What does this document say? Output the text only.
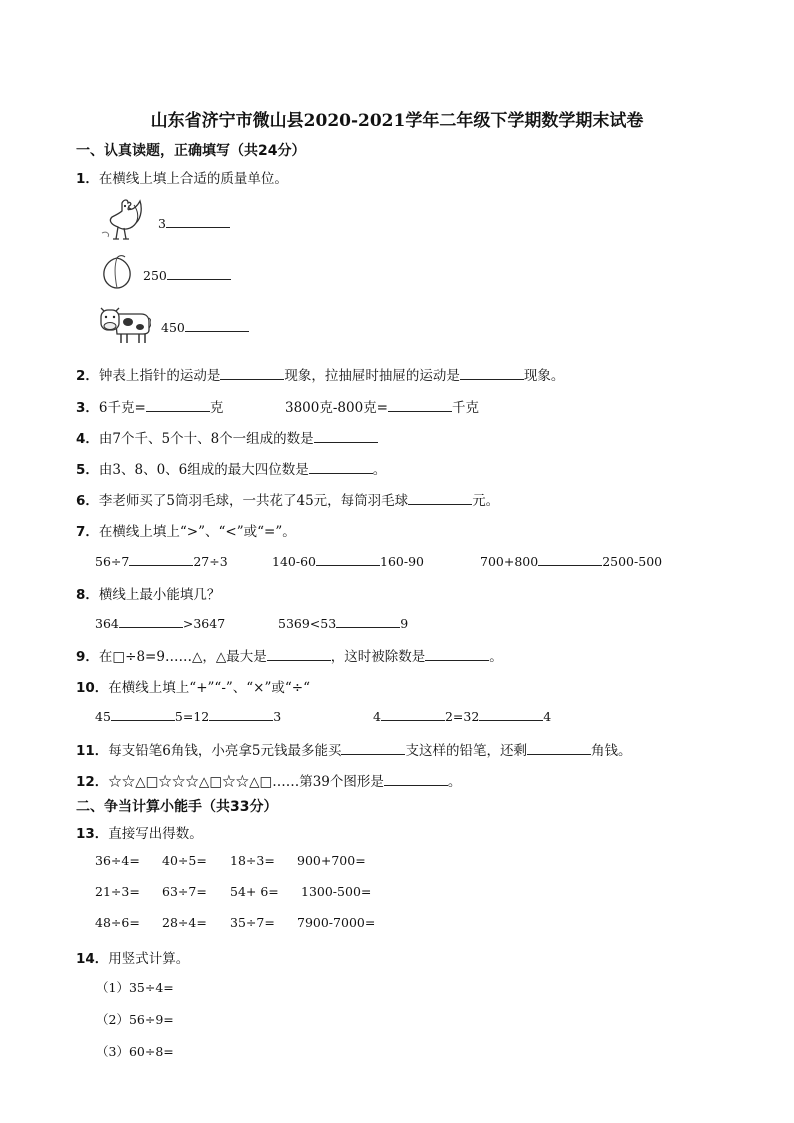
山东省济宁市微山县2020-2021学年二年级下学期数学期末试卷
一、认真读题，正确填写（共24分）
1．在横线上填上合适的质量单位。
3
250
450
2．钟表上指针的运动是	现象，拉抽屉时抽屉的运动是	现象。
3．6千克=	克	3800克-800克=	千克
4．由7个千、5个十、8个一组成的数是
5．由3、8、0、6组成的最大四位数是	。
6．李老师买了5筒羽毛球，一共花了45元，每筒羽毛球	元。
7．在横线上填上“>”、“<”或“=”。
56÷7	27÷3	140-60	160-90	700+800	2500-500
8．横线上最小能填几？
364	>3647	5369<53	9
9．在□÷8=9……△，△最大是	，这时被除数是	。
10．在横线上填上“+”“-”、“×”或“÷“
45	5=12	3	4	2=32	4
11．每支铅笔6角钱，小亮拿5元钱最多能买	支这样的铅笔，还剩	角钱。
12．☆☆△□☆☆☆△□☆☆△□……第39个图形是	。
二、争当计算小能手（共33分）
13．直接写出得数。
36÷4= 40÷5= 18÷3= 900+700=
21÷3= 63÷7= 54+ 6= 1300-500=
48÷6= 28÷4= 35÷7= 7900-7000=
14．用竖式计算。
（1）35÷4=
（2）56÷9=
（3）60÷8=
